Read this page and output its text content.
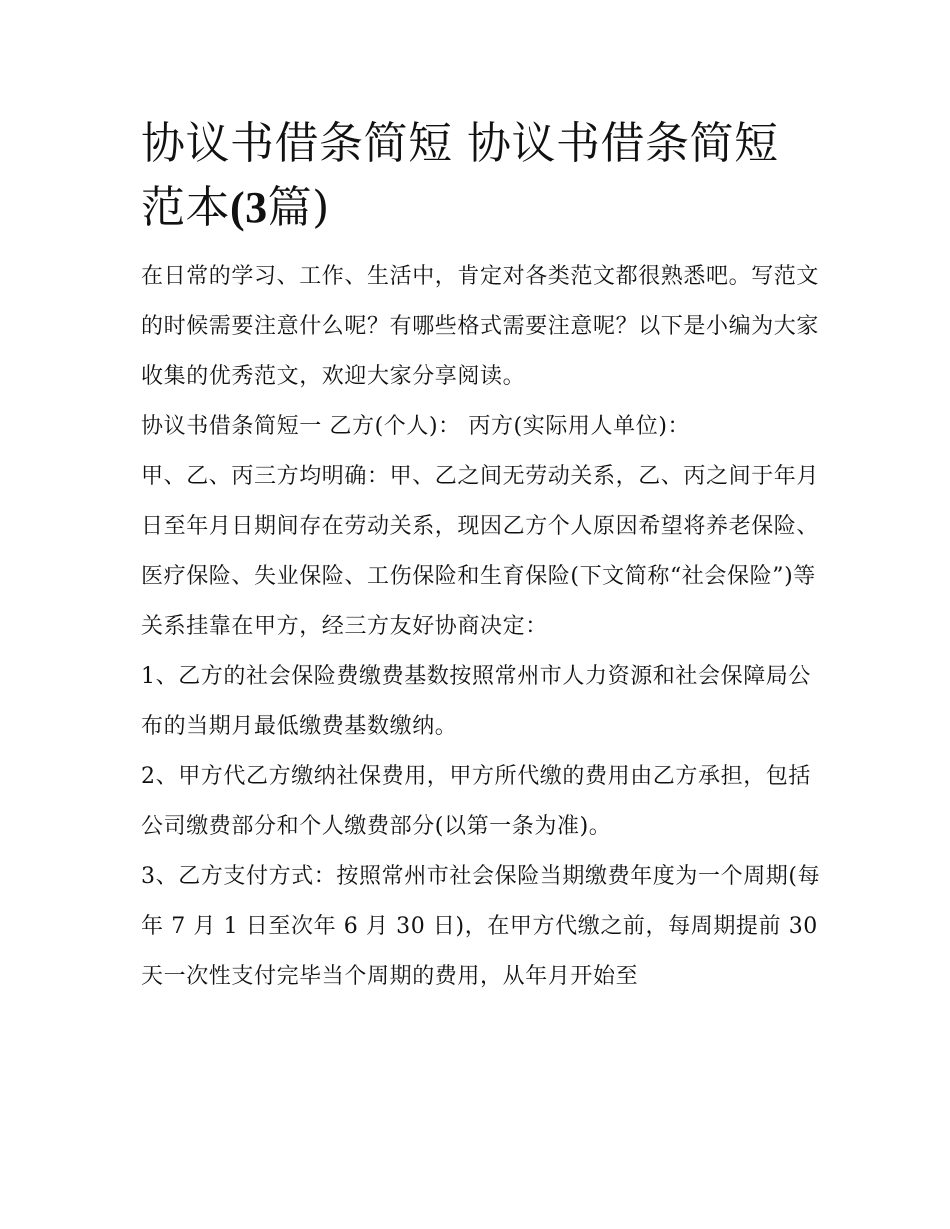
协议书借条简短 协议书借条简短范本(3篇)

在日常的学习、工作、生活中，肯定对各类范文都很熟悉吧。写范文的时候需要注意什么呢？有哪些格式需要注意呢？以下是小编为大家收集的优秀范文，欢迎大家分享阅读。

协议书借条简短一 乙方(个人)： 丙方(实际用人单位)：

甲、乙、丙三方均明确：甲、乙之间无劳动关系，乙、丙之间于年月日至年月日期间存在劳动关系，现因乙方个人原因希望将养老保险、医疗保险、失业保险、工伤保险和生育保险(下文简称“社会保险”)等关系挂靠在甲方，经三方友好协商决定：

1、乙方的社会保险费缴费基数按照常州市人力资源和社会保障局公布的当期月最低缴费基数缴纳。

2、甲方代乙方缴纳社保费用，甲方所代缴的费用由乙方承担，包括公司缴费部分和个人缴费部分(以第一条为准)。

3、乙方支付方式：按照常州市社会保险当期缴费年度为一个周期(每年 7 月 1 日至次年 6 月 30 日)，在甲方代缴之前，每周期提前 30 天一次性支付完毕当个周期的费用，从年月开始至
